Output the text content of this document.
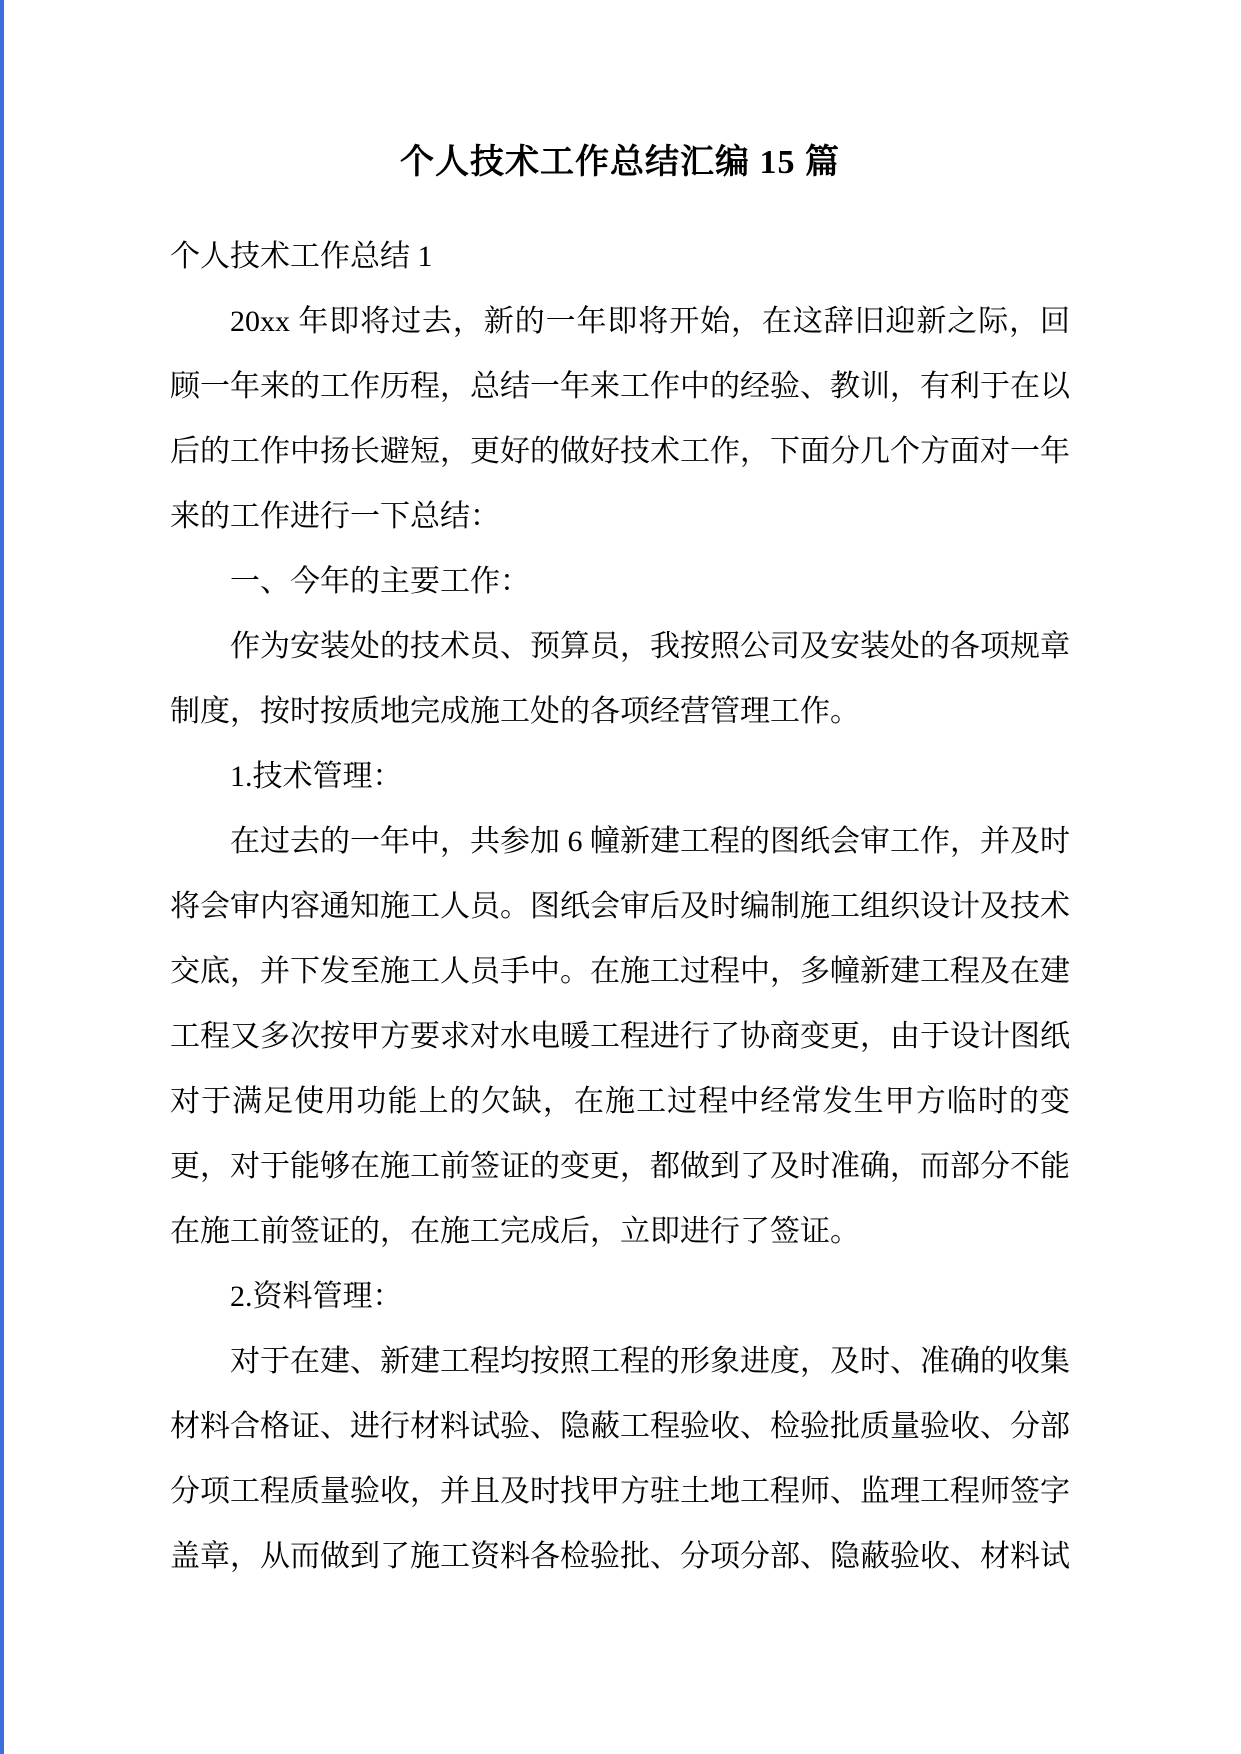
个人技术工作总结汇编 15 篇

个人技术工作总结 1

20xx 年即将过去，新的一年即将开始，在这辞旧迎新之际，回顾一年来的工作历程，总结一年来工作中的经验、教训，有利于在以后的工作中扬长避短，更好的做好技术工作，下面分几个方面对一年来的工作进行一下总结：

一、今年的主要工作：

作为安装处的技术员、预算员，我按照公司及安装处的各项规章制度，按时按质地完成施工处的各项经营管理工作。

1.技术管理：

在过去的一年中，共参加 6 幢新建工程的图纸会审工作，并及时将会审内容通知施工人员。图纸会审后及时编制施工组织设计及技术交底，并下发至施工人员手中。在施工过程中，多幢新建工程及在建工程又多次按甲方要求对水电暖工程进行了协商变更，由于设计图纸对于满足使用功能上的欠缺，在施工过程中经常发生甲方临时的变更，对于能够在施工前签证的变更，都做到了及时准确，而部分不能在施工前签证的，在施工完成后，立即进行了签证。

2.资料管理：

对于在建、新建工程均按照工程的形象进度，及时、准确的收集材料合格证、进行材料试验、隐蔽工程验收、检验批质量验收、分部分项工程质量验收，并且及时找甲方驻土地工程师、监理工程师签字盖章，从而做到了施工资料各检验批、分项分部、隐蔽验收、材料试
